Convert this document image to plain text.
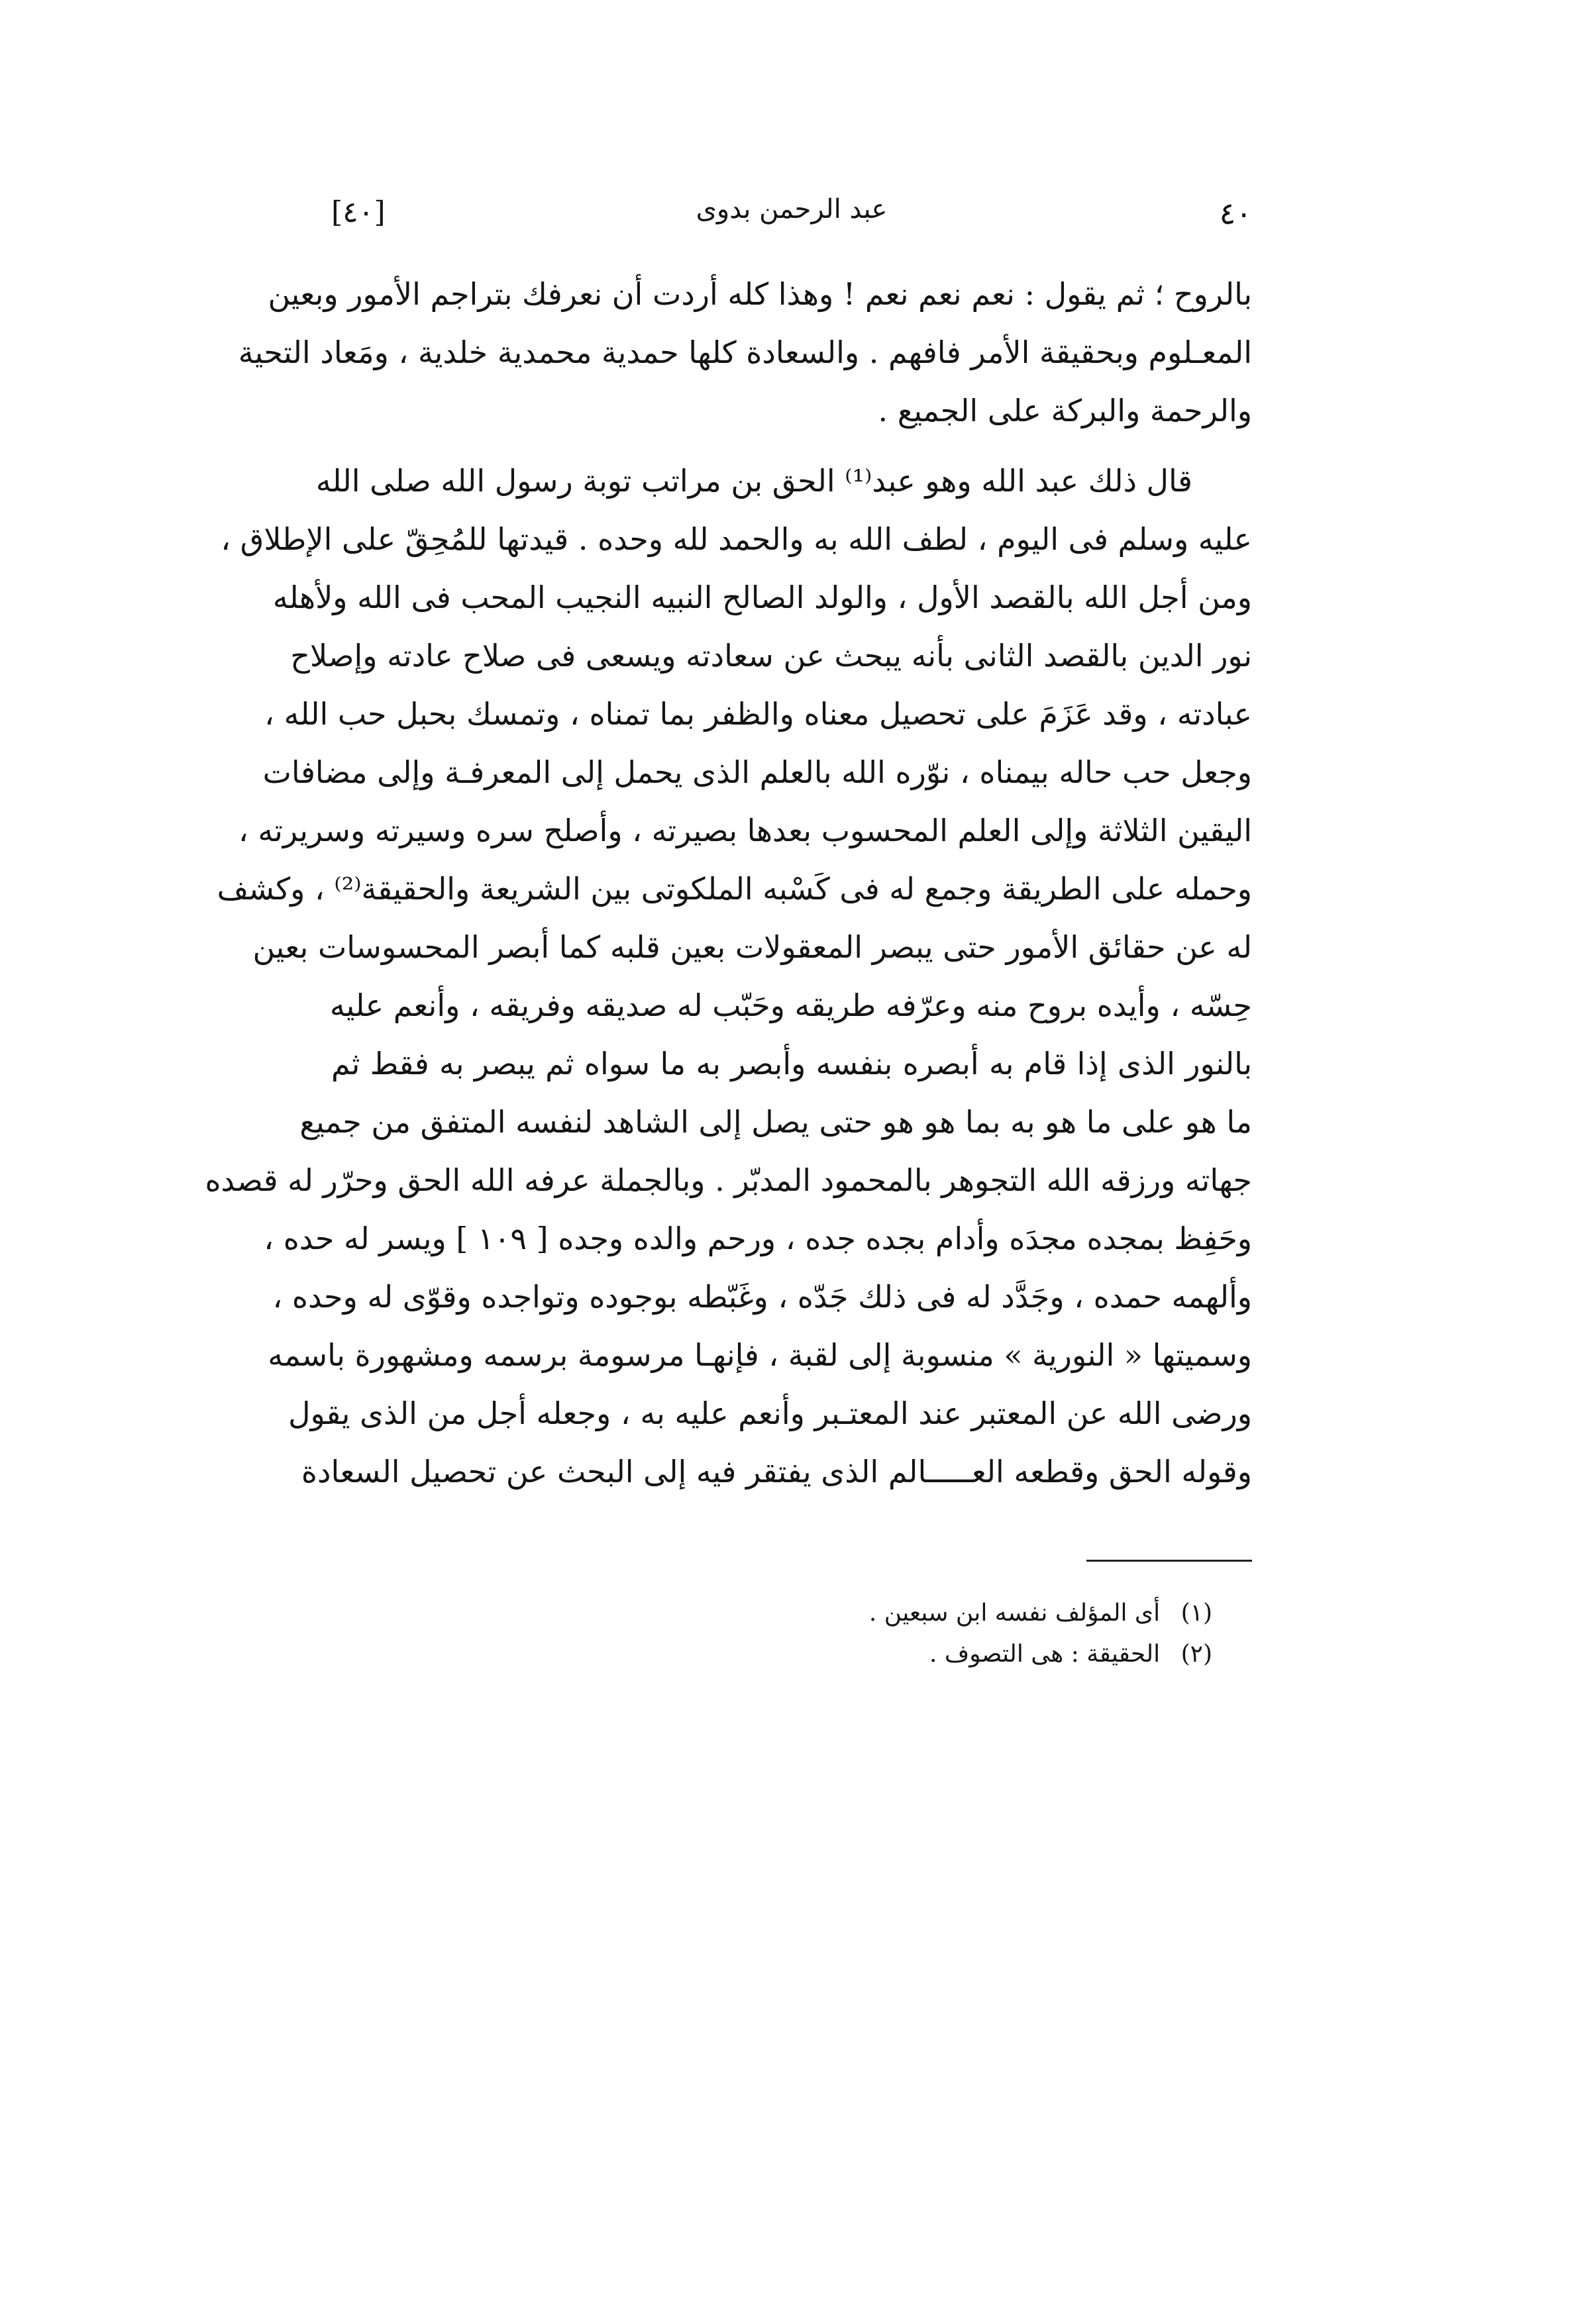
٤٠
عبد الرحمن بدوى
[٤٠]
بالروح ؛ ثم يقول : نعم نعم نعم ! وهذا كله أردت أن نعرفك بتراجم الأمور وبعين
المعـلوم وبحقيقة الأمر فافهم . والسعادة كلها حمدية محمدية خلدية ، ومَعاد التحية
والرحمة والبركة على الجميع .
قال ذلك عبد الله وهو عبد⁽¹⁾ الحق بن مراتب توبة رسول الله صلى الله
عليه وسلم فى اليوم ، لطف الله به والحمد لله وحده . قيدتها للمُحِقّ على الإطلاق ،
ومن أجل الله بالقصد الأول ، والولد الصالح النبيه النجيب المحب فى الله ولأهله
نور الدين بالقصد الثانى بأنه يبحث عن سعادته ويسعى فى صلاح عادته وإصلاح
عبادته ، وقد عَزَمَ على تحصيل معناه والظفر بما تمناه ، وتمسك بحبل حب الله ،
وجعل حب حاله بيمناه ، نوّره الله بالعلم الذى يحمل إلى المعرفـة وإلى مضافات
اليقين الثلاثة وإلى العلم المحسوب بعدها بصيرته ، وأصلح سره وسيرته وسريرته ،
وحمله على الطريقة وجمع له فى كَسْبه الملكوتى بين الشريعة والحقيقة⁽²⁾ ، وكشف
له عن حقائق الأمور حتى يبصر المعقولات بعين قلبه كما أبصر المحسوسات بعين
حِسّه ، وأيده بروح منه وعرّفه طريقه وحَبّب له صديقه وفريقه ، وأنعم عليه
بالنور الذى إذا قام به أبصره بنفسه وأبصر به ما سواه ثم يبصر به فقط ثم
ما هو على ما هو به بما هو هو حتى يصل إلى الشاهد لنفسه المتفق من جميع
جهاته ورزقه الله التجوهر بالمحمود المدبّر . وبالجملة عرفه الله الحق وحرّر له قصده
وحَفِظ بمجده مجدَه وأدام بجده جده ، ورحم والده وجده [ ١٠٩ ] ويسر له حده ،
وألهمه حمده ، وجَدَّد له فى ذلك جَدّه ، وغَبّطه بوجوده وتواجده وقوّى له وحده ،
وسميتها « النورية » منسوبة إلى لقبة ، فإنهـا مرسومة برسمه ومشهورة باسمه
ورضى الله عن المعتبر عند المعتـبر وأنعم عليه به ، وجعله أجل من الذى يقول
وقوله الحق وقطعه العـــــالم الذى يفتقر فيه إلى البحث عن تحصيل السعادة
(١) أى المؤلف نفسه ابن سبعين .
(٢) الحقيقة : هى التصوف .
